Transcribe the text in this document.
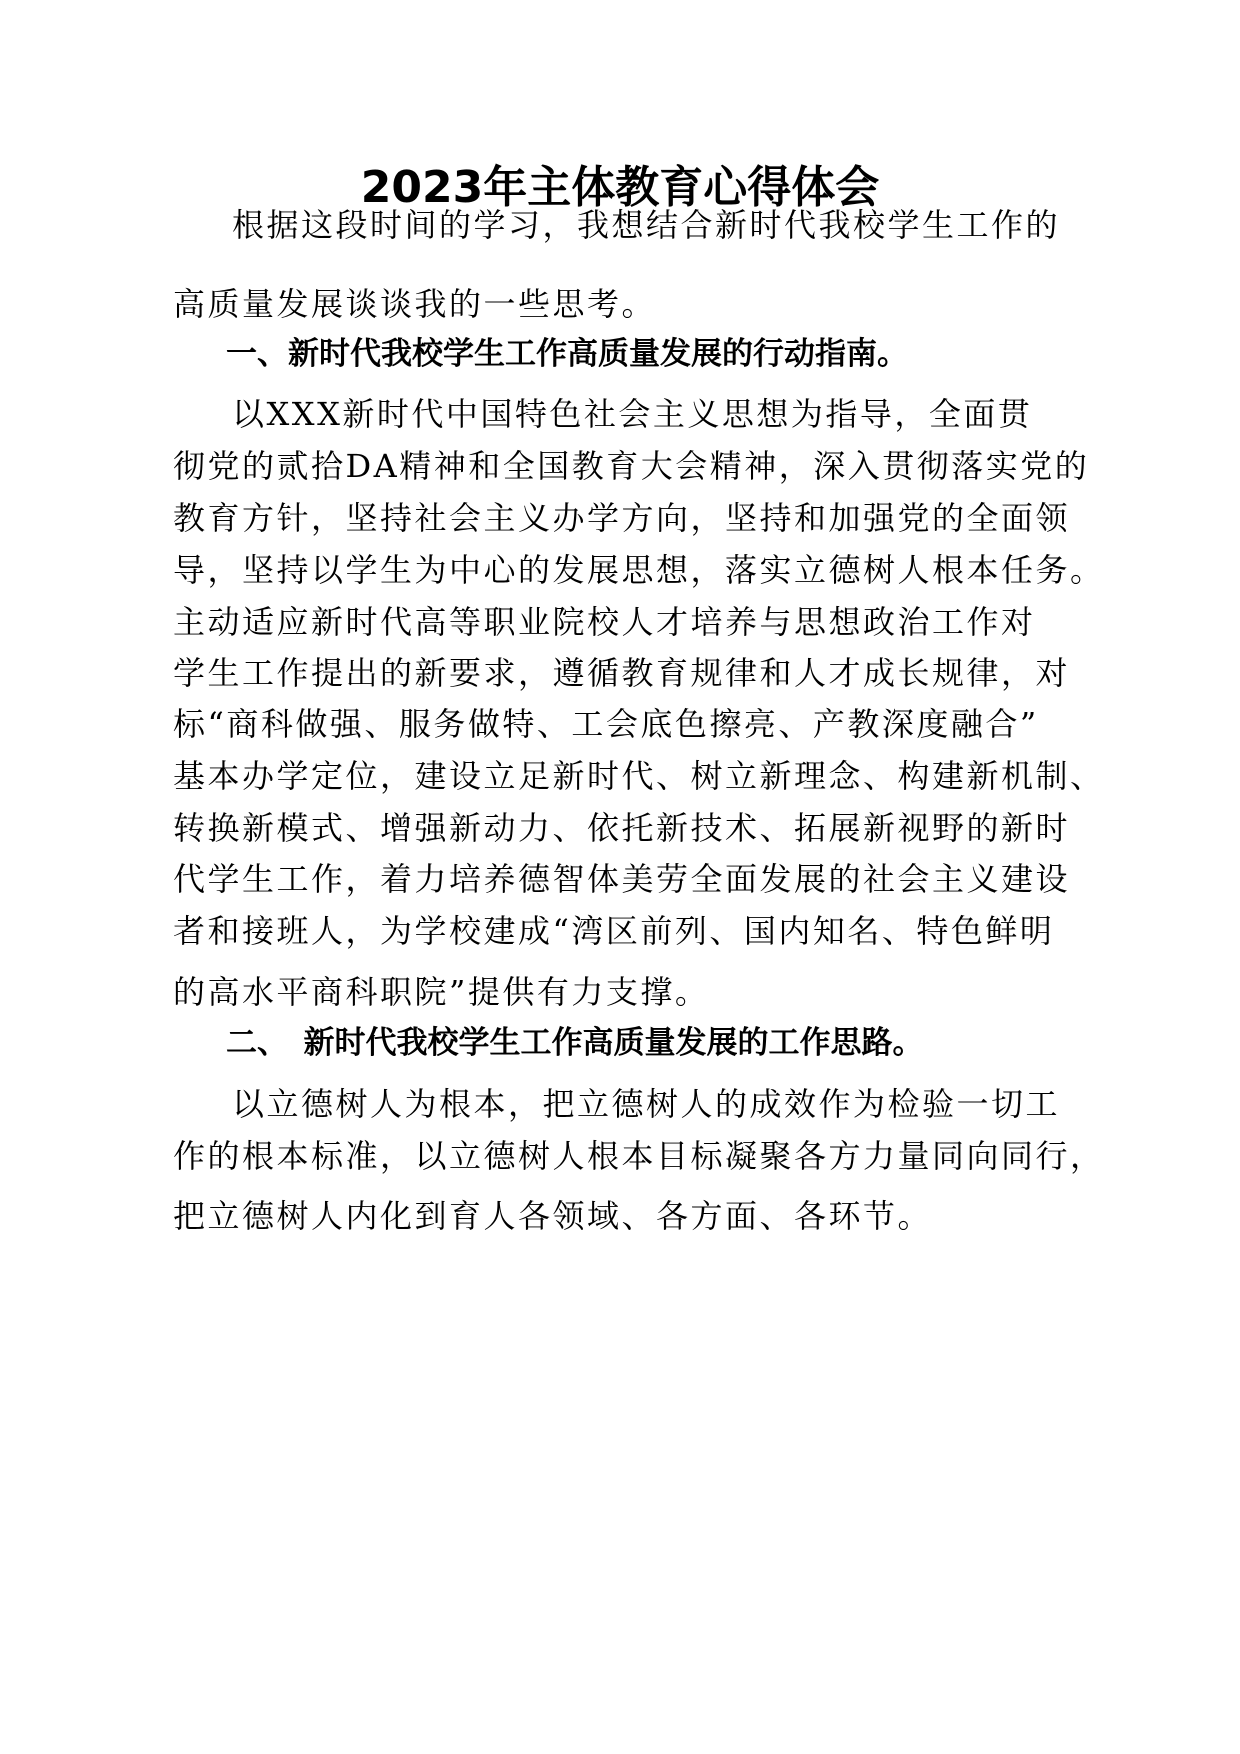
2023年主体教育心得体会
根据这段时间的学习，我想结合新时代我校学生工作的
高质量发展谈谈我的一些思考。
一、新时代我校学生工作高质量发展的行动指南。
以XXX新时代中国特色社会主义思想为指导，全面贯
彻党的贰拾DA精神和全国教育大会精神，深入贯彻落实党的
教育方针，坚持社会主义办学方向，坚持和加强党的全面领
导，坚持以学生为中心的发展思想，落实立德树人根本任务。
主动适应新时代高等职业院校人才培养与思想政治工作对
学生工作提出的新要求，遵循教育规律和人才成长规律，对
标“商科做强、服务做特、工会底色擦亮、产教深度融合”
基本办学定位，建设立足新时代、树立新理念、构建新机制、
转换新模式、增强新动力、依托新技术、拓展新视野的新时
代学生工作，着力培养德智体美劳全面发展的社会主义建设
者和接班人，为学校建成“湾区前列、国内知名、特色鲜明
的高水平商科职院”提供有力支撑。
二、　新时代我校学生工作高质量发展的工作思路。
以立德树人为根本，把立德树人的成效作为检验一切工
作的根本标准，以立德树人根本目标凝聚各方力量同向同行，
把立德树人内化到育人各领域、各方面、各环节。
